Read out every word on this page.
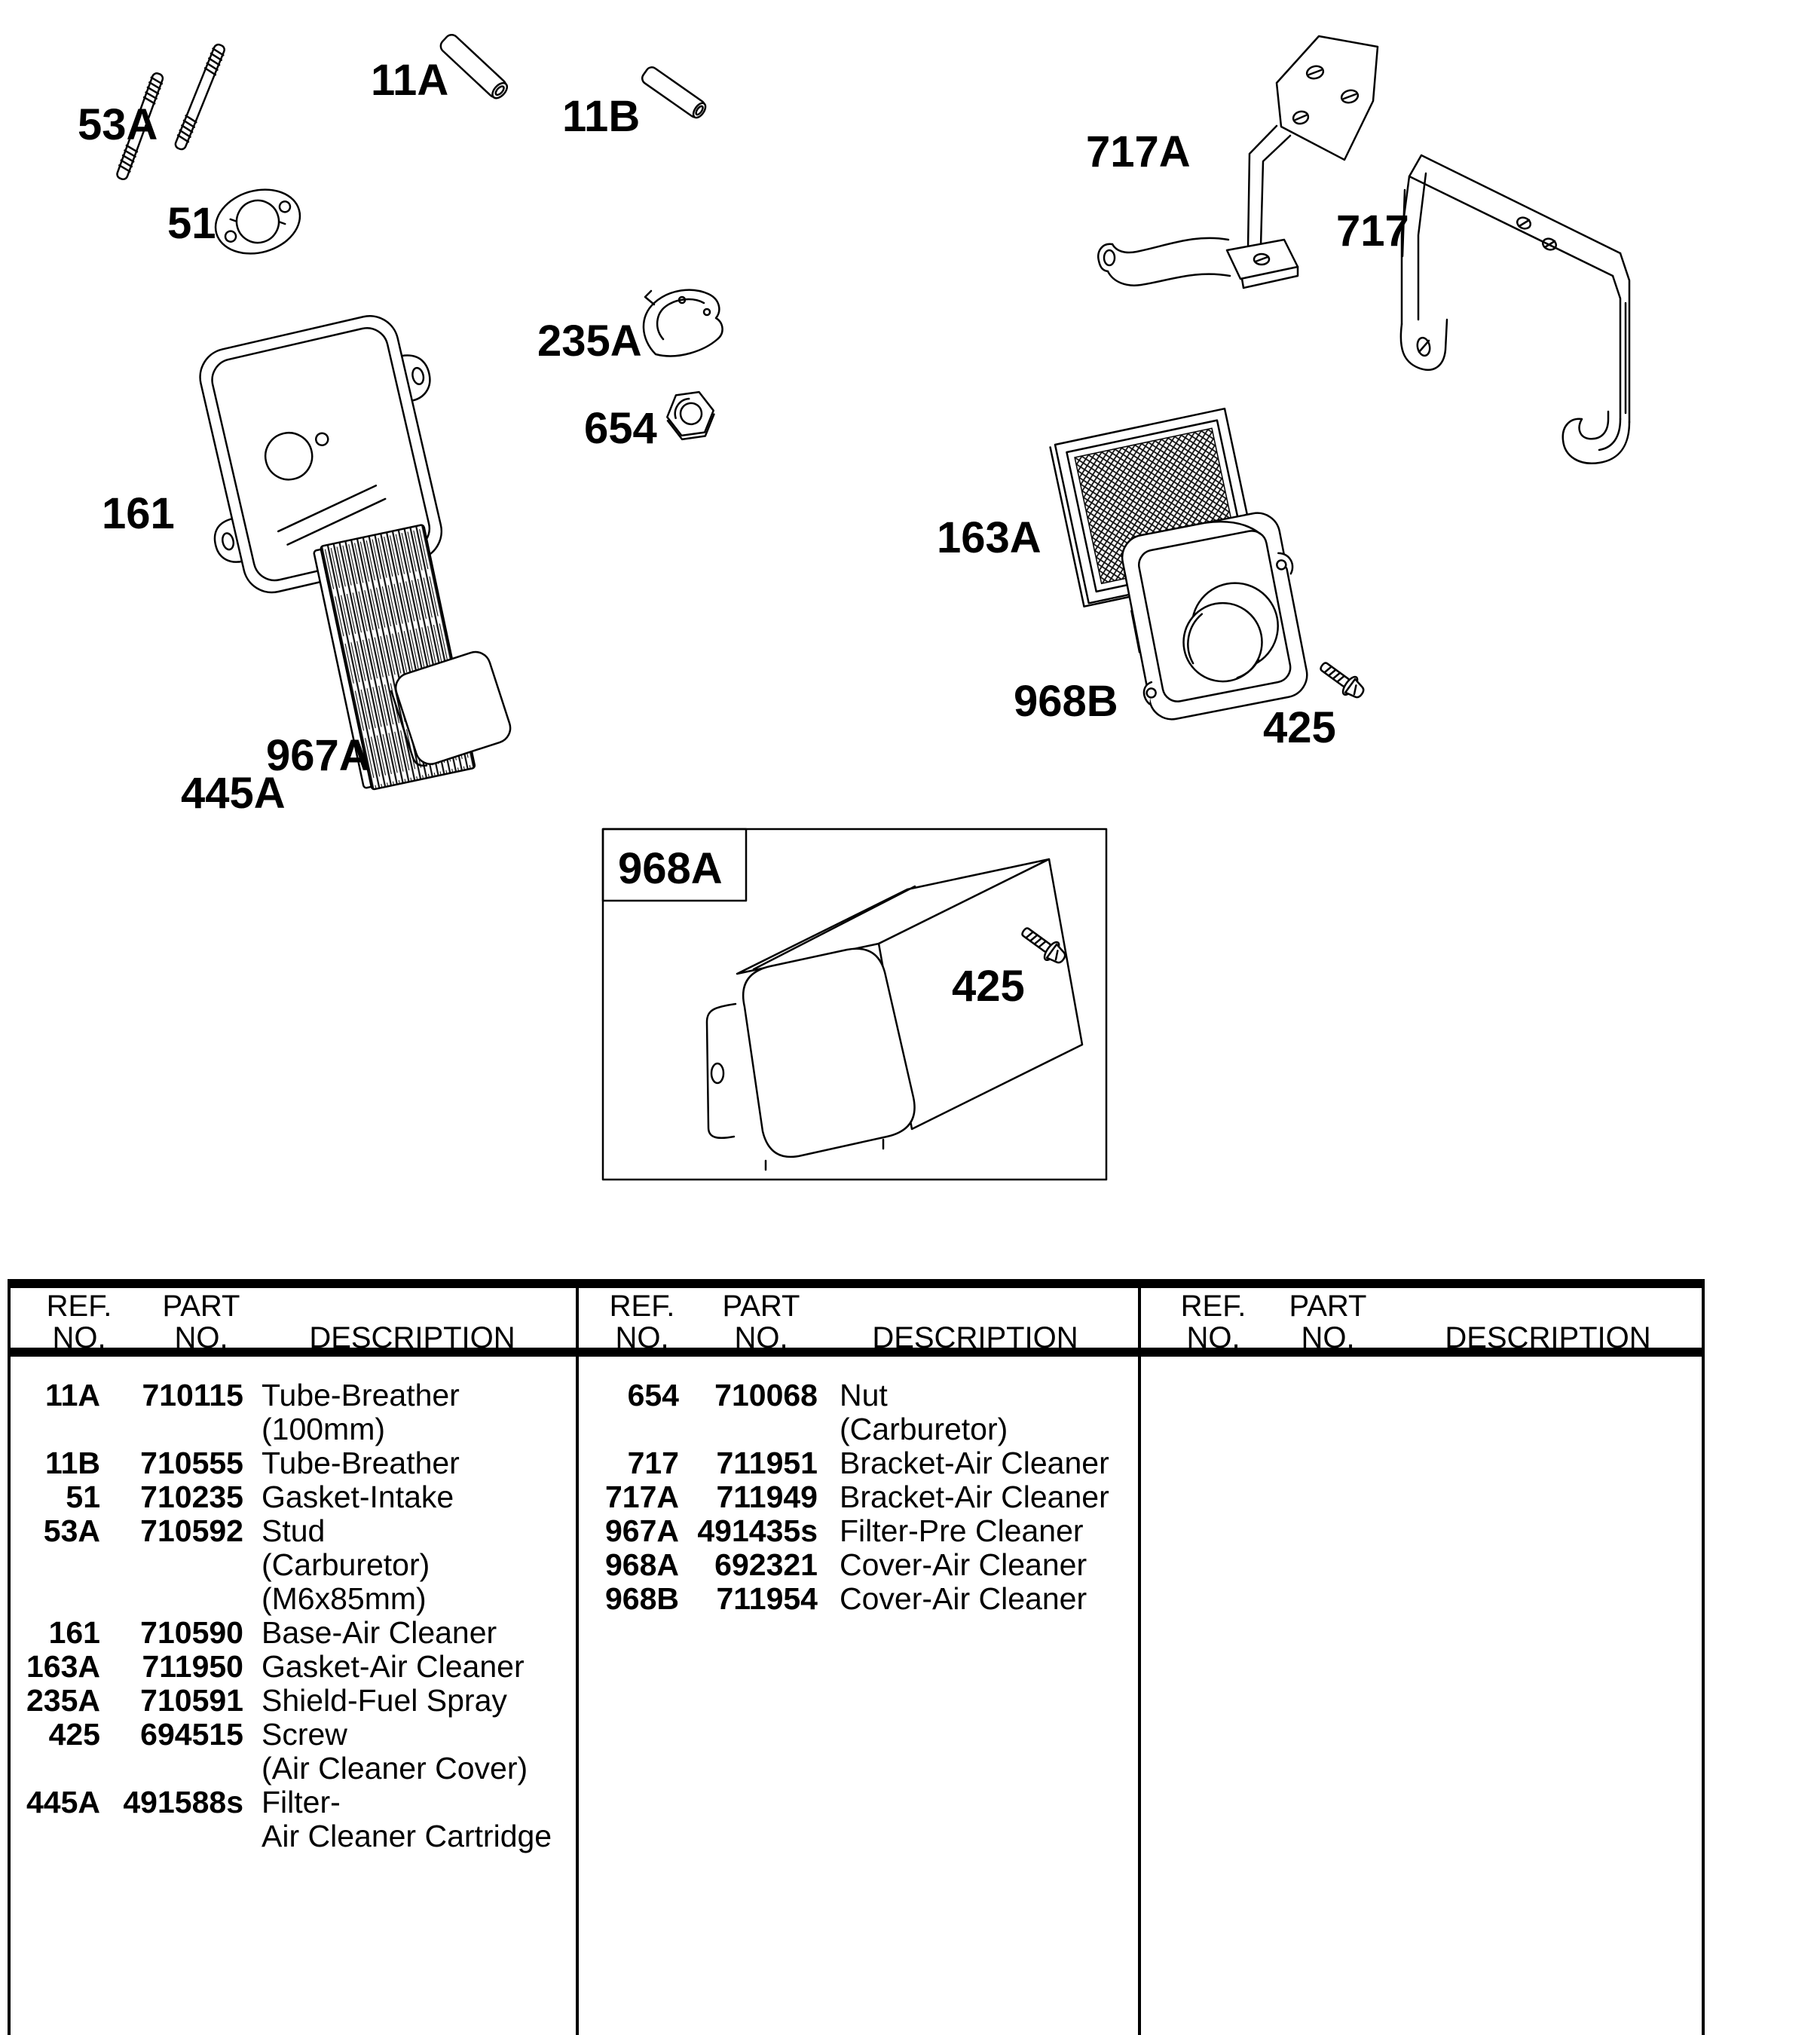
53A
11A
11B
51
717A
717
161
235A
654
163A
445A
967A
968B
425
968A
425
REF.
NO.
PART
NO.	DESCRIPTION
REF.
NO.
PART
NO.	DESCRIPTION
REF.
NO.
PART
NO.	DESCRIPTION
11A	710115 Tube-Breather
(100mm)
11B	710555 Tube-Breather
51	710235 Gasket-Intake
53A	710592 Stud
(Carburetor)
(M6x85mm)
161	710590 Base-Air Cleaner
163A	711950 Gasket-Air Cleaner
235A	710591 Shield-Fuel Spray
425	694515 Screw
(Air Cleaner Cover)
445A 491588s Filter-
Air Cleaner Cartridge
654	710068 Nut
(Carburetor)
717	711951 Bracket-Air Cleaner
717A	711949 Bracket-Air Cleaner
967A 491435s Filter-Pre Cleaner
968A	692321 Cover-Air Cleaner
968B	711954 Cover-Air Cleaner
